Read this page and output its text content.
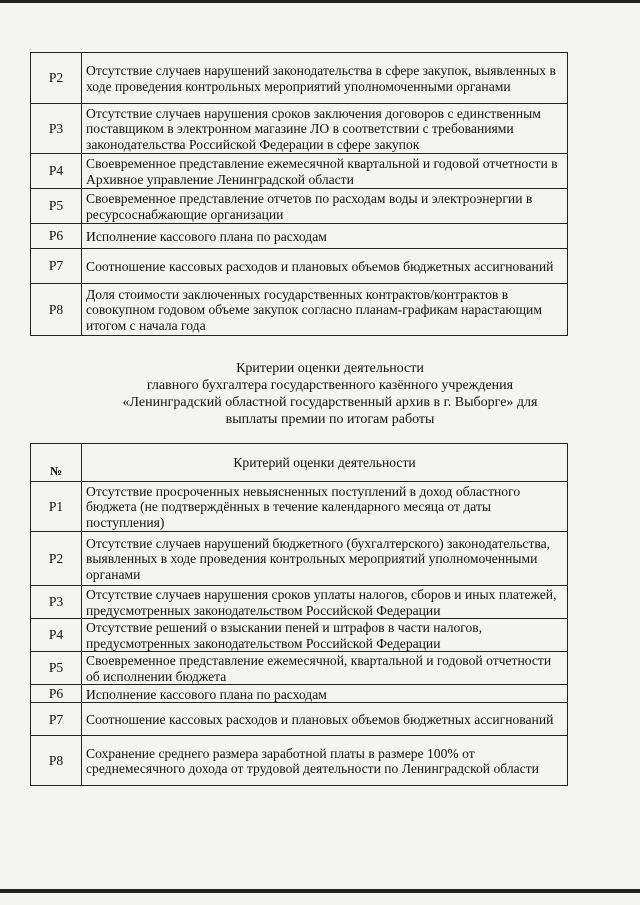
Р2	Отсутствие случаев нарушений законодательства в сфере закупок, выявленных в ходе проведения контрольных мероприятий уполномоченными органами
Р3	Отсутствие случаев нарушения сроков заключения договоров с единственным поставщиком в электронном магазине ЛО в соответствии с требованиями законодательства Российской Федерации в сфере закупок
Р4	Своевременное представление ежемесячной квартальной и годовой отчетности в Архивное управление Ленинградской области
Р5	Своевременное представление отчетов по расходам воды и электроэнергии в ресурсоснабжающие организации
Р6	Исполнение кассового плана по расходам
Р7	Соотношение кассовых расходов и плановых объемов бюджетных ассигнований
Р8	Доля стоимости заключенных государственных контрактов/контрактов в совокупном годовом объеме закупок согласно планам-графикам нарастающим итогом с начала года
Критерии оценки деятельности
главного бухгалтера государственного казённого учреждения
«Ленинградский областной государственный архив в г. Выборге» для
выплаты премии по итогам работы
№	Критерий оценки деятельности
Р1	Отсутствие просроченных невыясненных поступлений в доход областного бюджета (не подтверждённых в течение календарного месяца от даты поступления)
Р2	Отсутствие случаев нарушений бюджетного (бухгалтерского) законодательства, выявленных в ходе проведения контрольных мероприятий уполномоченными органами
Р3	Отсутствие случаев нарушения сроков уплаты налогов, сборов и иных платежей, предусмотренных законодательством Российской Федерации
Р4	Отсутствие решений о взыскании пеней и штрафов в части налогов, предусмотренных законодательством Российской Федерации
Р5	Своевременное представление ежемесячной, квартальной и годовой отчетности об исполнении бюджета
Р6	Исполнение кассового плана по расходам
Р7	Соотношение кассовых расходов и плановых объемов бюджетных ассигнований
Р8	Сохранение среднего размера заработной платы в размере 100% от среднемесячного дохода от трудовой деятельности по Ленинградской области
